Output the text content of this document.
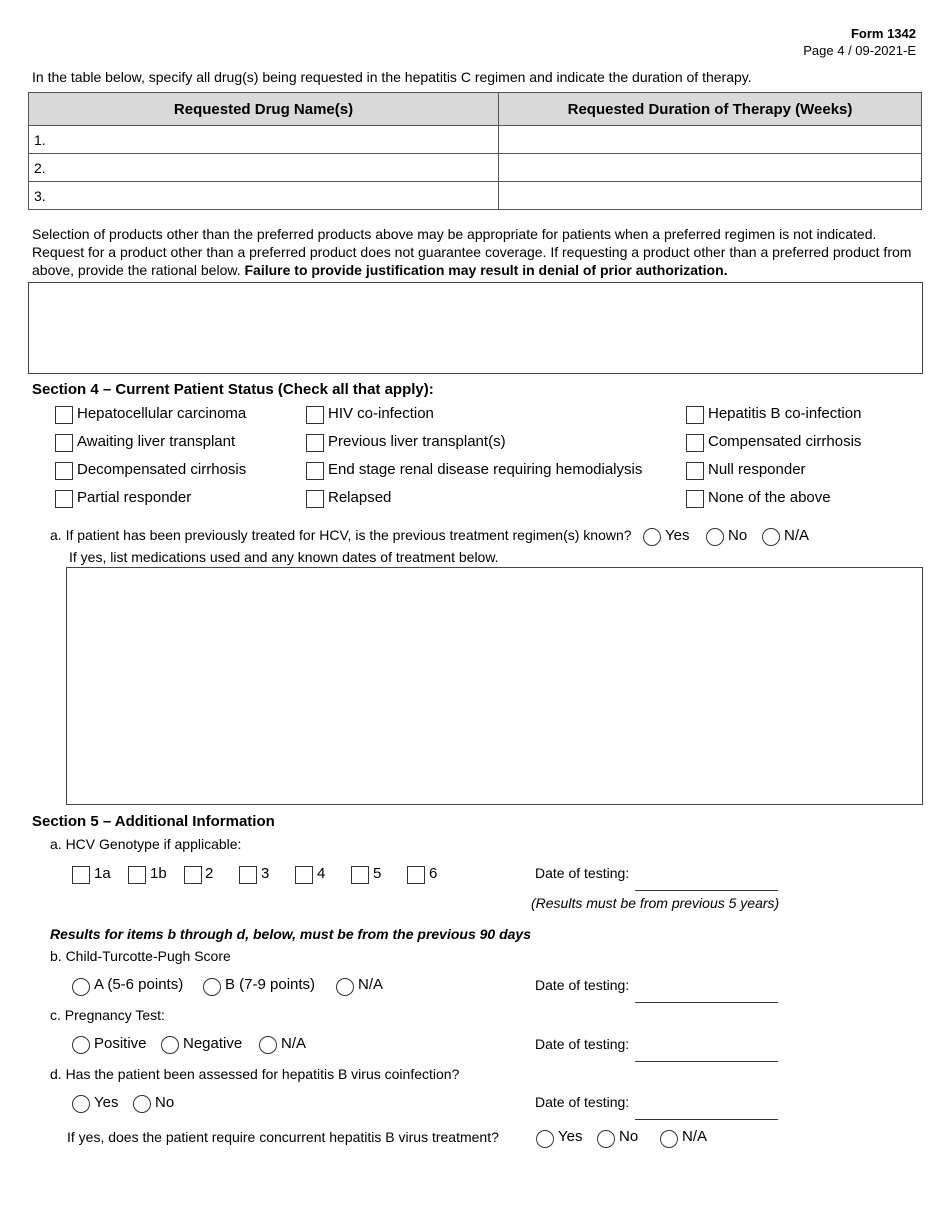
Form 1342
Page 4 / 09-2021-E
In the table below, specify all drug(s) being requested in the hepatitis C regimen and indicate the duration of therapy.
Requested Drug Name(s)	Requested Duration of Therapy (Weeks)
1.	
2.	
3.	
Selection of products other than the preferred products above may be appropriate for patients when a preferred regimen is not indicated.
Request for a product other than a preferred product does not guarantee coverage. If requesting a product other than a preferred product from
above, provide the rational below. Failure to provide justification may result in denial of prior authorization.
Section 4 – Current Patient Status (Check all that apply):
Hepatocellular carcinoma	HIV co-infection	Hepatitis B co-infection
Awaiting liver transplant	Previous liver transplant(s)	Compensated cirrhosis
Decompensated cirrhosis	End stage renal disease requiring hemodialysis	Null responder
Partial responder	Relapsed	None of the above
a. If patient has been previously treated for HCV, is the previous treatment regimen(s) known? Yes	No N/A
If yes, list medications used and any known dates of treatment below.
Section 5 – Additional Information
a. HCV Genotype if applicable:
1a	1b	2	3	4	5	6	Date of testing:
(Results must be from previous 5 years)
Results for items b through d, below, must be from the previous 90 days
b. Child-Turcotte-Pugh Score
A (5-6 points)	B (7-9 points)	N/A	Date of testing:
c. Pregnancy Test:
Positive Negative	N/A	Date of testing:
d. Has the patient been assessed for hepatitis B virus coinfection?
Yes No	Date of testing:
If yes, does the patient require concurrent hepatitis B virus treatment?	Yes No	N/A
